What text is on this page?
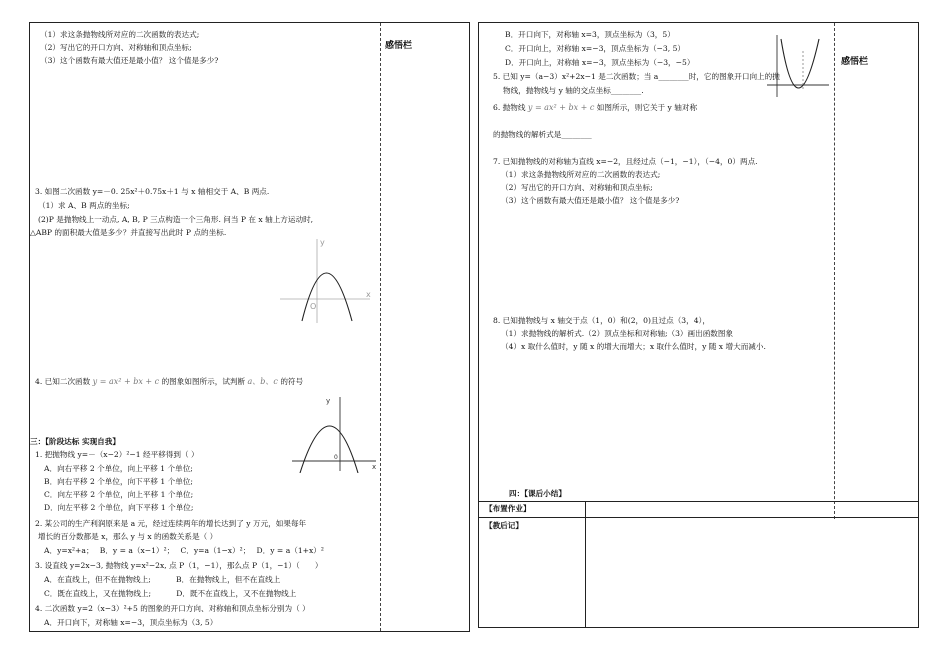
感悟栏
（1）求这条抛物线所对应的二次函数的表达式;
（2）写出它的开口方向、对称轴和顶点坐标;
（3）这个函数有最大值还是最小值？ 这个值是多少?
3. 如图二次函数 y=－0. 25x²＋0.75x＋1 与 x 轴相交于 A、B 两点.
（1）求 A、B 两点的坐标;
(2)P 是抛物线上一动点, A, B, P 三点构造一个三角形. 问当 P 在 x 轴上方运动时,
△ABP 的面积最大值是多少？并直接写出此时 P 点的坐标.
y
x
O
4. 已知二次函数 y = ax² + bx + c 的图象如图所示，试判断 a、b、c 的符号
y
x
0
三：【阶段达标 实现自我】
1. 把抛物线 y=－（x−2）²−1 经平移得到（ ）
A．向右平移 2 个单位，向上平移 1 个单位;
B．向右平移 2 个单位，向下平移 1 个单位;
C．向左平移 2 个单位，向上平移 1 个单位;
D．向左平移 2 个单位，向下平移 1 个单位;
2. 某公司的生产利润原来是 a 元，经过连续两年的增长达到了 y 万元，如果每年
增长的百分数都是 x，那么 y 与 x 的函数关系是（ ）
A．y=x²+a；　 B．y = a（x−1）²；　 C．y=a（1−x）²；　 D．y = a（1+x）²
3. 设直线 y=2x−3, 抛物线 y=x²−2x, 点 P（1，−1），那么点 P（1，−1）（　　）
A．在直线上，但不在抛物线上;　　　 B．在抛物线上，但不在直线上
C．既在直线上，又在抛物线上;　　　 D．既不在直线上，又不在抛物线上
4. 二次函数 y=2（x−3）²+5 的图象的开口方向、对称轴和顶点坐标分别为（ ）
A．开口向下，对称轴 x=−3，顶点坐标为（3, 5）
感悟栏
B．开口向下，对称轴 x=3，顶点坐标为（3，5）
C．开口向上，对称轴 x=−3，顶点坐标为（−3, 5）
D．开口向上，对称轴 x=−3，顶点坐标为（−3，−5）
5. 已知 y=（a−3）x²+2x−1 是二次函数；当 a________时，它的图象开口向上的抛
物线，抛物线与 y 轴的交点坐标________.
6. 抛物线 y = ax² + bx + c 如图所示，则它关于 y 轴对称
的抛物线的解析式是________
7. 已知抛物线的对称轴为直线 x=−2，且经过点（−1，−1），（−4，0）两点.
（1）求这条抛物线所对应的二次函数的表达式;
（2）写出它的开口方向、对称轴和顶点坐标;
（3）这个函数有最大值还是最小值？ 这个值是多少?
8. 已知抛物线与 x 轴交于点（1，0）和(2，0)且过点（3，4），
（1）求抛物线的解析式.（2）顶点坐标和对称轴;（3）画出函数图象
（4）x 取什么值时，y 随 x 的增大而增大；x 取什么值时，y 随 x 增大而减小.
四：【课后小结】
【布置作业】
【教后记】
